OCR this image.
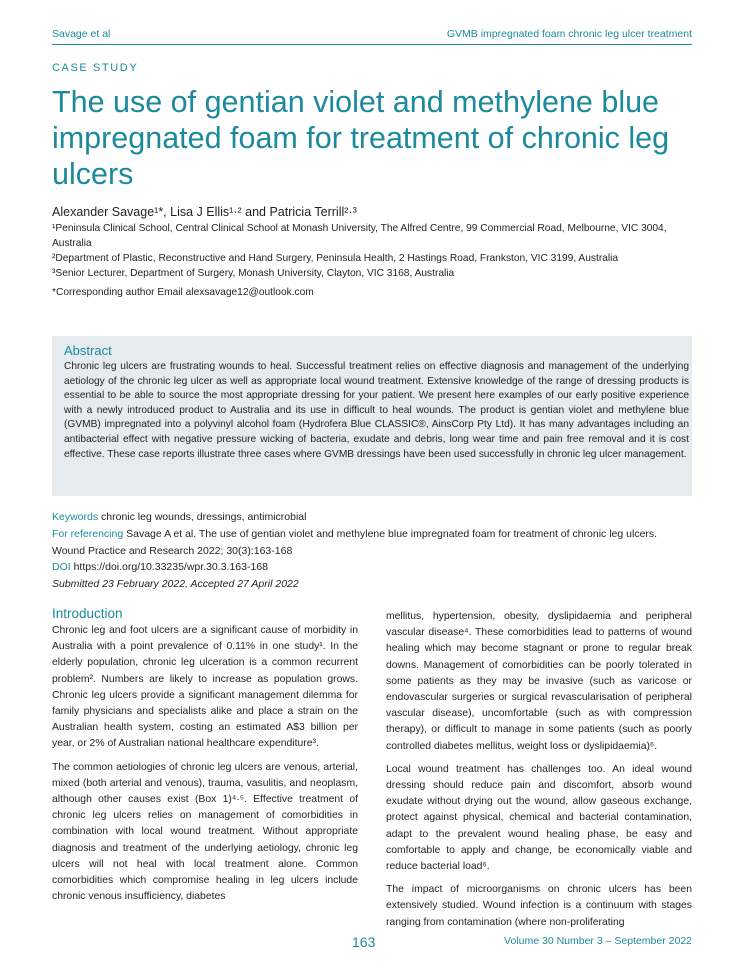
Savage et al	GVMB impregnated foam chronic leg ulcer treatment
CASE STUDY
The use of gentian violet and methylene blue impregnated foam for treatment of chronic leg ulcers
Alexander Savage¹*, Lisa J Ellis¹·² and Patricia Terrill²·³
¹Peninsula Clinical School, Central Clinical School at Monash University, The Alfred Centre, 99 Commercial Road, Melbourne, VIC 3004, Australia
²Department of Plastic, Reconstructive and Hand Surgery, Peninsula Health, 2 Hastings Road, Frankston, VIC 3199, Australia
³Senior Lecturer, Department of Surgery, Monash University, Clayton, VIC 3168, Australia
*Corresponding author Email alexsavage12@outlook.com
Abstract
Chronic leg ulcers are frustrating wounds to heal. Successful treatment relies on effective diagnosis and management of the underlying aetiology of the chronic leg ulcer as well as appropriate local wound treatment. Extensive knowledge of the range of dressing products is essential to be able to source the most appropriate dressing for your patient. We present here examples of our early positive experience with a newly introduced product to Australia and its use in difficult to heal wounds. The product is gentian violet and methylene blue (GVMB) impregnated into a polyvinyl alcohol foam (Hydrofera Blue CLASSIC®, AinsCorp Pty Ltd). It has many advantages including an antibacterial effect with negative pressure wicking of bacteria, exudate and debris, long wear time and pain free removal and it is cost effective. These case reports illustrate three cases where GVMB dressings have been used successfully in chronic leg ulcer management.
Keywords chronic leg wounds, dressings, antimicrobial
For referencing Savage A et al. The use of gentian violet and methylene blue impregnated foam for treatment of chronic leg ulcers. Wound Practice and Research 2022; 30(3):163-168
DOI https://doi.org/10.33235/wpr.30.3.163-168
Submitted 23 February 2022, Accepted 27 April 2022
Introduction

Chronic leg and foot ulcers are a significant cause of morbidity in Australia with a point prevalence of 0.11% in one study¹. In the elderly population, chronic leg ulceration is a common recurrent problem². Numbers are likely to increase as population grows. Chronic leg ulcers provide a significant management dilemma for family physicians and specialists alike and place a strain on the Australian health system, costing an estimated A$3 billion per year, or 2% of Australian national healthcare expenditure³.

The common aetiologies of chronic leg ulcers are venous, arterial, mixed (both arterial and venous), trauma, vasulitis, and neoplasm, although other causes exist (Box 1)⁴·⁵. Effective treatment of chronic leg ulcers relies on management of comorbidities in combination with local wound treatment. Without appropriate diagnosis and treatment of the underlying aetiology, chronic leg ulcers will not heal with local treatment alone. Common comorbidities which compromise healing in leg ulcers include chronic venous insufficiency, diabetes

mellitus, hypertension, obesity, dyslipidaemia and peripheral vascular disease⁴. These comorbidities lead to patterns of wound healing which may become stagnant or prone to regular break downs. Management of comorbidities can be poorly tolerated in some patients as they may be invasive (such as varicose or endovascular surgeries or surgical revascularisation of peripheral vascular disease), uncomfortable (such as with compression therapy), or difficult to manage in some patients (such as poorly controlled diabetes mellitus, weight loss or dyslipidaemia)⁶.

Local wound treatment has challenges too. An ideal wound dressing should reduce pain and discomfort, absorb wound exudate without drying out the wound, allow gaseous exchange, protect against physical, chemical and bacterial contamination, adapt to the prevalent wound healing phase, be easy and comfortable to apply and change, be economically viable and reduce bacterial load⁶.

The impact of microorganisms on chronic ulcers has been extensively studied. Wound infection is a continuum with stages ranging from contamination (where non-proliferating

163	Volume 30 Number 3 – September 2022
